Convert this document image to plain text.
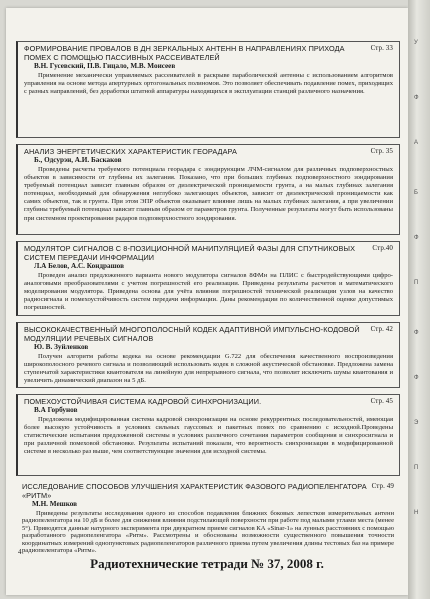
Стр. 33
ФОРМИРОВАНИЕ ПРОВАЛОВ В ДН ЗЕРКАЛЬНЫХ АНТЕНН В НАПРАВЛЕНИЯХ ПРИХОДА ПОМЕХ С ПОМОЩЬЮ ПАССИВНЫХ РАССЕИВАТЕЛЕЙ
В.Н. Гусевский, П.В. Гицало, М.В. Моисеев
Применение механически управляемых рассеивателей в раскрыве параболической антенны с использованием алгоритмов управления на основе метода апертурных ортогональных полиномов. Это позволяет обеспечивать подавление помех, приходящих с разных направлений, без доработки штатной аппаратуры находящихся в эксплуатации станций различного назначения.
Стр. 35
АНАЛИЗ ЭНЕРГЕТИЧЕСКИХ ХАРАКТЕРИСТИК ГЕОРАДАРА
Б., Одсурэн, А.И. Баскаков
Проведены расчеты требуемого потенциала георадара с зондирующим ЛЧМ-сигналом для различных подповерхностных объектов в зависимости от глубины их залегания. Показано, что при больших глубинах подповерхностного зондирования требуемый потенциал зависит главным образом от диэлектрической проницаемости грунта, а на малых глубинах залегания потенциал, необходимый для обнаружения неглубоко залегающих объектов, зависит от диэлектрической проницаемости как самих объектов, так и грунта. При этом ЭПР объектов оказывает влияние лишь на малых глубинах залегания, а при увеличении глубины требуемый потенциал зависит главным образом от параметров грунта. Полученные результаты могут быть использованы при системном проектировании радаров подповерхностного зондирования.
Стр.40
МОДУЛЯТОР СИГНАЛОВ С 8-ПОЗИЦИОННОЙ МАНИПУЛЯЦИЕЙ ФАЗЫ ДЛЯ СПУТНИКОВЫХ СИСТЕМ ПЕРЕДАЧИ ИНФОРМАЦИИ
Л.А Белов, А.С. Кондрашов
Проведен анализ предложенного варианта нового модулятора сигналов 8ФМн на ПЛИС с быстродействующими цифро-аналоговыми преобразователями с учетом погрешностей его реализации. Приведены результаты расчетов и математического моделирования модулятора. Приведена основа для учёта влияния погрешностей технической реализации узлов на качество радиосигнала и помехоустойчивость систем передачи информации. Даны рекомендации по количественной оценке допустимых погрешностей.
Стр. 42
ВЫСОКОКАЧЕСТВЕННЫЙ МНОГОПОЛОСНЫЙ КОДЕК АДАПТИВНОЙ ИМПУЛЬСНО-КОДОВОЙ МОДУЛЯЦИИ РЕЧЕВЫХ СИГНАЛОВ
Ю. В. Зуйленков
Получен алгоритм работы кодека на основе рекомендации G.722 для обеспечения качественного воспроизведения широкополосного речевого сигнала и позволяющий использовать кодек в сложной акустической обстановке. Предложена замена ступенчатой характеристики квантователя на линейную для непрерывного сигнала, что позволит исключить шумы квантования и увеличить динамический диапазон на 5 дБ.
Стр. 45
ПОМЕХОУСТОЙЧИВАЯ СИСТЕМА КАДРОВОЙ СИНХРОНИЗАЦИИ.
В.А Горбунов
Предложена модифицированная система кадровой синхронизации на основе рекуррентных последовательностей, имеющая более высокую устойчивость в условиях сильных гауссовых и пакетных помех по сравнению с исходной.Проведены статистические испытания предложенной системы в условиях различного сочетания параметров сообщения и синхросигнала и при различной помеховой обстановке. Результаты испытаний показали, что вероятность синхронизации в модифицированной системе в несколько раз выше, чем соответствующие значения для исходной системы.
Стр. 49
ИССЛЕДОВАНИЕ СПОСОБОВ УЛУЧШЕНИЯ ХАРАКТЕРИСТИК ФАЗОВОГО РАДИОПЕЛЕНГАТОРА «РИТМ»
М.Н. Мешков
Приведены результаты исследования одного из способов подавления ближних боковых лепестков измерительных антенн радиопеленгатора на 10 дБ и более для снижения влияния подстилающей поверхности при работе под малыми углами места (менее 5°). Приводятся данные натурного эксперимента при двукратном приеме сигналов КА «Sinar-1» на лунных расстояниях с помощью разработанного радиопеленгатора «Ритм». Рассмотрены и обоснованы возможности существенного повышения точности координатных измерений однопунктовых радиопеленгаторов различного приема путем увеличения длины тестовых баз на примере радиопеленгатора «Ритм».
4
Радиотехнические тетради № 37, 2008 г.
У
Ф
А
Б
Ф
П
Ф
Ф
Э
П
Н
